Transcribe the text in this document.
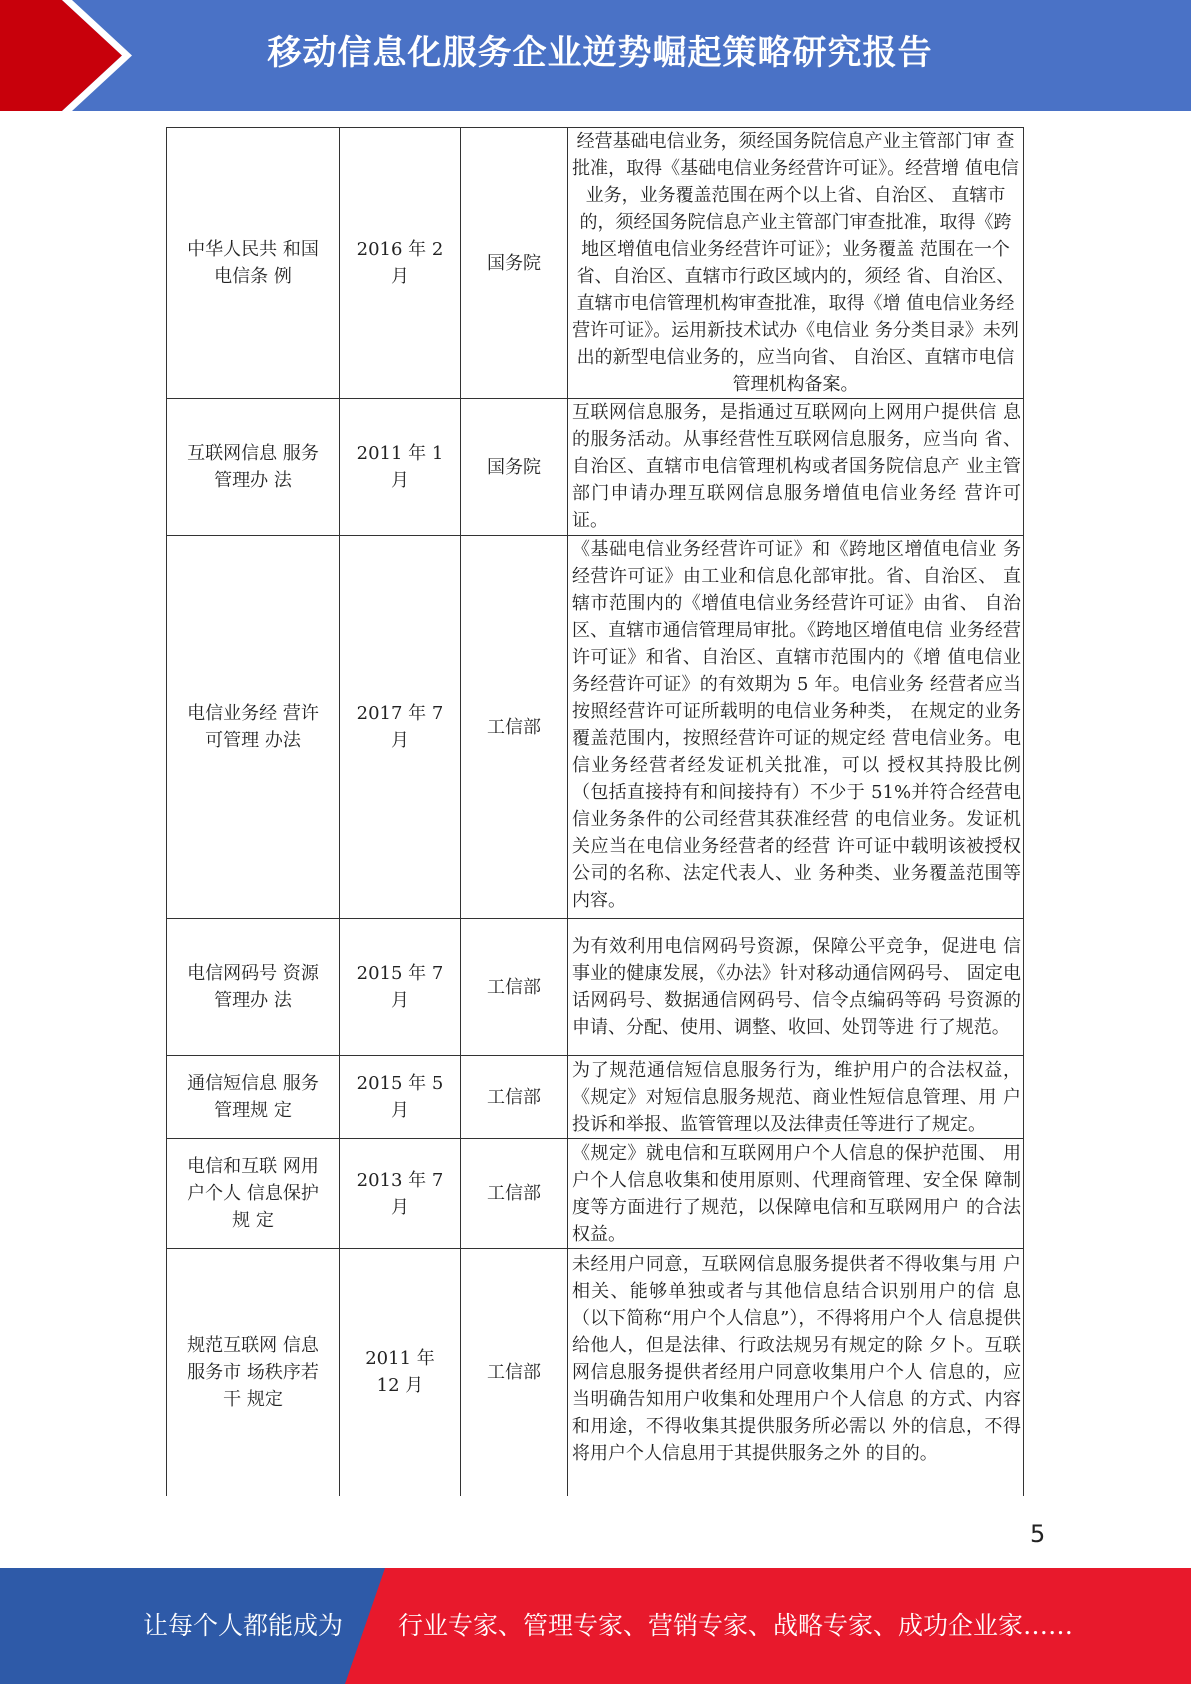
移动信息化服务企业逆势崛起策略研究报告
中华人民共 和国电信条 例	2016 年 2 月	国务院	经营基础电信业务，须经国务院信息产业主管部门审 查批准，取得《基础电信业务经营许可证》。经营增 值电信业务，业务覆盖范围在两个以上省、自治区、 直辖市的，须经国务院信息产业主管部门审查批准，取得《跨地区增值电信业务经营许可证》；业务覆盖 范围在一个省、自治区、直辖市行政区域内的，须经 省、自治区、直辖市电信管理机构审查批准，取得《增 值电信业务经营许可证》。运用新技术试办《电信业 务分类目录》未列出的新型电信业务的，应当向省、 自治区、直辖市电信管理机构备案。
互联网信息 服务管理办 法	2011 年 1 月	国务院	互联网信息服务，是指通过互联网向上网用户提供信 息的服务活动。从事经营性互联网信息服务，应当向 省、自治区、直辖市电信管理机构或者国务院信息产 业主管部门申请办理互联网信息服务增值电信业务经 营许可证。
电信业务经 营许可管理 办法	2017 年 7 月	工信部	《基础电信业务经营许可证》和《跨地区增值电信业 务经营许可证》由工业和信息化部审批。省、自治区、 直辖市范围内的《增值电信业务经营许可证》由省、 自治区、直辖市通信管理局审批。《跨地区增值电信 业务经营许可证》和省、自治区、直辖市范围内的《增 值电信业务经营许可证》的有效期为 5 年。电信业务 经营者应当按照经营许可证所载明的电信业务种类， 在规定的业务覆盖范围内，按照经营许可证的规定经 营电信业务。电信业务经营者经发证机关批准，可以 授权其持股比例（包括直接持有和间接持有）不少于 51%并符合经营电信业务条件的公司经营其获准经营 的电信业务。发证机关应当在电信业务经营者的经营 许可证中载明该被授权公司的名称、法定代表人、业 务种类、业务覆盖范围等内容。
电信网码号 资源管理办 法	2015 年 7 月	工信部	为有效利用电信网码号资源，保障公平竞争，促进电 信事业的健康发展，《办法》针对移动通信网码号、 固定电话网码号、数据通信网码号、信令点编码等码 号资源的申请、分配、使用、调整、收回、处罚等进 行了规范。
通信短信息 服务管理规 定	2015 年 5 月	工信部	为了规范通信短信息服务行为，维护用户的合法权益，《规定》对短信息服务规范、商业性短信息管理、用 户投诉和举报、监管管理以及法律责任等进行了规定。
电信和互联 网用户个人 信息保护规 定	2013 年 7 月	工信部	《规定》就电信和互联网用户个人信息的保护范围、 用户个人信息收集和使用原则、代理商管理、安全保 障制度等方面进行了规范，以保障电信和互联网用户 的合法权益。
规范互联网 信息服务市 场秩序若干 规定	2011 年 12 月	工信部	未经用户同意，互联网信息服务提供者不得收集与用 户相关、能够单独或者与其他信息结合识别用户的信 息（以下简称“用户个人信息”），不得将用户个人 信息提供给他人，但是法律、行政法规另有规定的除 夕卜。互联网信息服务提供者经用户同意收集用户个人 信息的，应当明确告知用户收集和处理用户个人信息 的方式、内容和用途，不得收集其提供服务所必需以 外的信息，不得将用户个人信息用于其提供服务之外 的目的。
5
让每个人都能成为 行业专家、管理专家、营销专家、战略专家、成功企业家……
